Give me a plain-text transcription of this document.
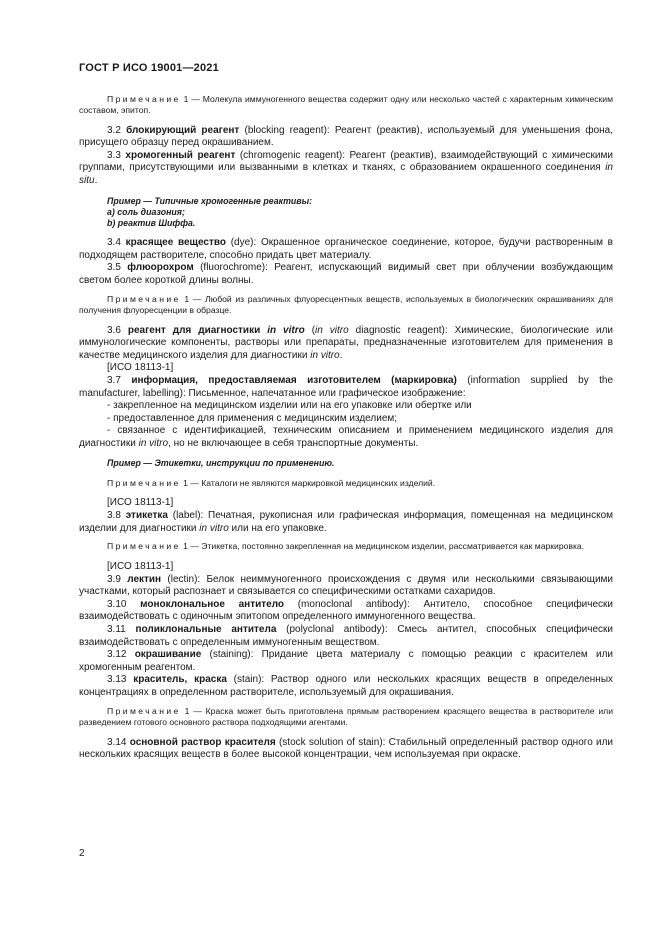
ГОСТ Р ИСО 19001—2021

Примечание 1 — Молекула иммуногенного вещества содержит одну или несколько частей с характерным химическим составом, эпитоп.

3.2 блокирующий реагент (blocking reagent): Реагент (реактив), используемый для уменьшения фона, присущего образцу перед окрашиванием.

3.3 хромогенный реагент (chromogenic reagent): Реагент (реактив), взаимодействующий с химическими группами, присутствующими или вызванными в клетках и тканях, с образованием окрашенного соединения in situ.

Пример — Типичные хромогенные реактивы:
а) соль диазония;
b) реактив Шиффа.

3.4 красящее вещество (dye): Окрашенное органическое соединение, которое, будучи растворенным в подходящем растворителе, способно придать цвет материалу.

3.5 флюорохром (fluorochrome): Реагент, испускающий видимый свет при облучении возбуждающим светом более короткой длины волны.

Примечание 1 — Любой из различных флуоресцентных веществ, используемых в биологических окрашиваниях для получения флуоресценции в образце.

3.6 реагент для диагностики in vitro (in vitro diagnostic reagent): Химические, биологические или иммунологические компоненты, растворы или препараты, предназначенные изготовителем для применения в качестве медицинского изделия для диагностики in vitro.

[ИСО 18113-1]

3.7 информация, предоставляемая изготовителем (маркировка) (information supplied by the manufacturer, labelling): Письменное, напечатанное или графическое изображение:

- закрепленное на медицинском изделии или на его упаковке или обертке или

- предоставленное для применения с медицинским изделием;

- связанное с идентификацией, техническим описанием и применением медицинского изделия для диагностики in vitro, но не включающее в себя транспортные документы.

Пример — Этикетки, инструкции по применению.

Примечание 1 — Каталоги не являются маркировкой медицинских изделий.

[ИСО 18113-1]

3.8 этикетка (label): Печатная, рукописная или графическая информация, помещенная на медицинском изделии для диагностики in vitro или на его упаковке.

Примечание 1 — Этикетка, постоянно закрепленная на медицинском изделии, рассматривается как маркировка.

[ИСО 18113-1]

3.9 лектин (lectin): Белок неиммуногенного происхождения с двумя или несколькими связывающими участками, который распознает и связывается со специфическими остатками сахаридов.

3.10 моноклональное антитело (monoclonal antibody): Антитело, способное специфически взаимодействовать с одиночным эпитопом определенного иммуногенного вещества.

3.11 поликлональные антитела (polyclonal antibody): Смесь антител, способных специфически взаимодействовать с определенным иммуногенным веществом.

3.12 окрашивание (staining): Придание цвета материалу с помощью реакции с красителем или хромогенным реагентом.

3.13 краситель, краска (stain): Раствор одного или нескольких красящих веществ в определенных концентрациях в определенном растворителе, используемый для окрашивания.

Примечание 1 — Краска может быть приготовлена прямым растворением красящего вещества в растворителе или разведением готового основного раствора подходящими агентами.

3.14 основной раствор красителя (stock solution of stain): Стабильный определенный раствор одного или нескольких красящих веществ в более высокой концентрации, чем используемая при окраске.

2
